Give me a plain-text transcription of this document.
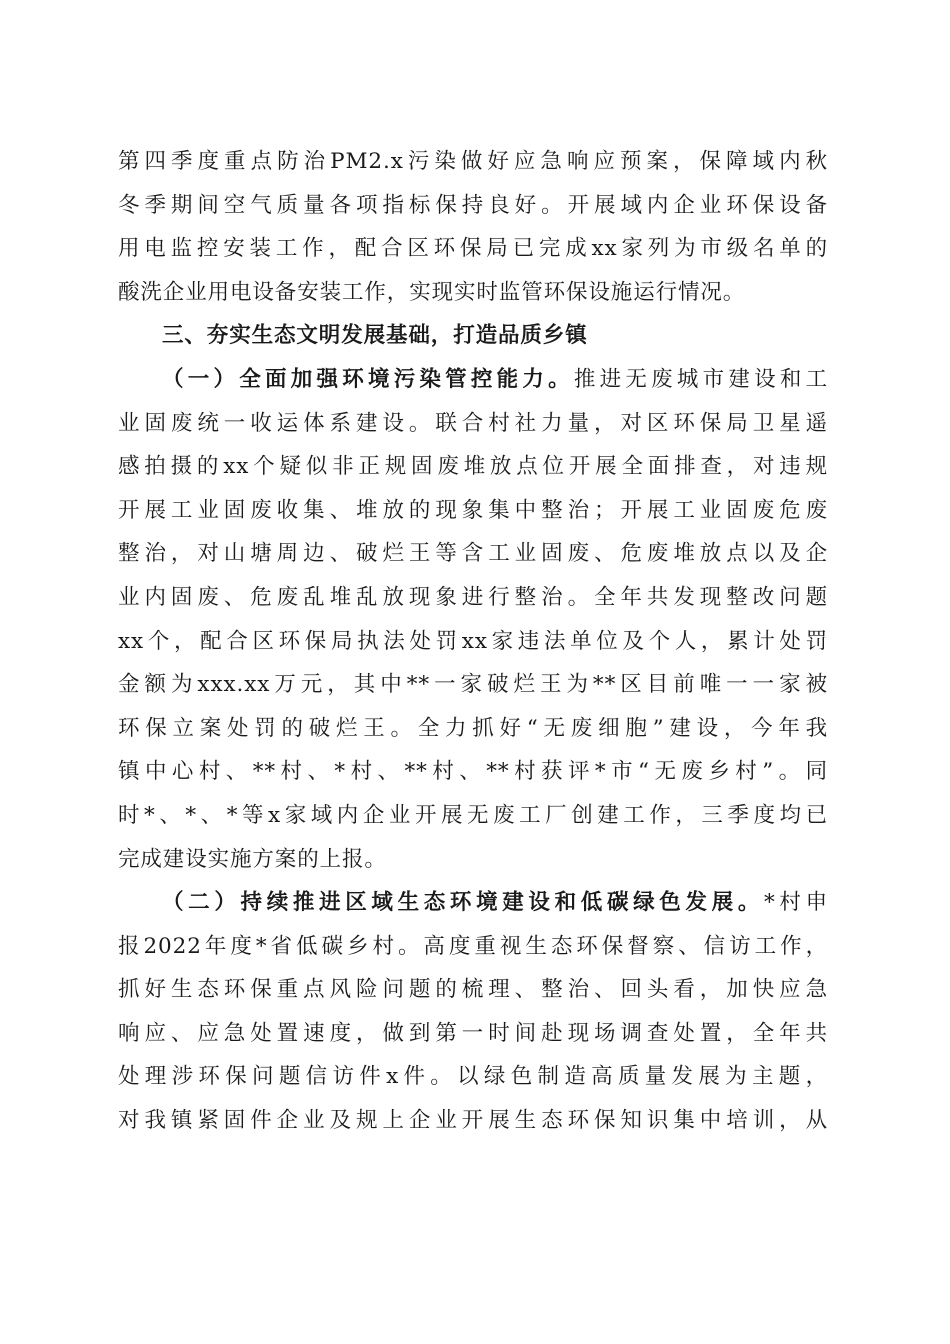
第四季度重点防治PM2.x污染做好应急响应预案，保障域内秋
冬季期间空气质量各项指标保持良好。开展域内企业环保设备
用电监控安装工作，配合区环保局已完成xx家列为市级名单的
酸洗企业用电设备安装工作，实现实时监管环保设施运行情况。
三、夯实生态文明发展基础，打造品质乡镇
（一）全面加强环境污染管控能力。推进无废城市建设和工
业固废统一收运体系建设。联合村社力量，对区环保局卫星遥
感拍摄的xx个疑似非正规固废堆放点位开展全面排查，对违规
开展工业固废收集、堆放的现象集中整治；开展工业固废危废
整治，对山塘周边、破烂王等含工业固废、危废堆放点以及企
业内固废、危废乱堆乱放现象进行整治。全年共发现整改问题
xx个，配合区环保局执法处罚xx家违法单位及个人，累计处罚
金额为xxx.xx万元，其中**一家破烂王为**区目前唯一一家被
环保立案处罚的破烂王。全力抓好“无废细胞”建设，今年我
镇中心村、**村、*村、**村、**村获评*市“无废乡村”。同
时*、*、*等x家域内企业开展无废工厂创建工作，三季度均已
完成建设实施方案的上报。
（二）持续推进区域生态环境建设和低碳绿色发展。*村申
报2022年度*省低碳乡村。高度重视生态环保督察、信访工作，
抓好生态环保重点风险问题的梳理、整治、回头看，加快应急
响应、应急处置速度，做到第一时间赴现场调查处置，全年共
处理涉环保问题信访件x件。以绿色制造高质量发展为主题，
对我镇紧固件企业及规上企业开展生态环保知识集中培训，从
